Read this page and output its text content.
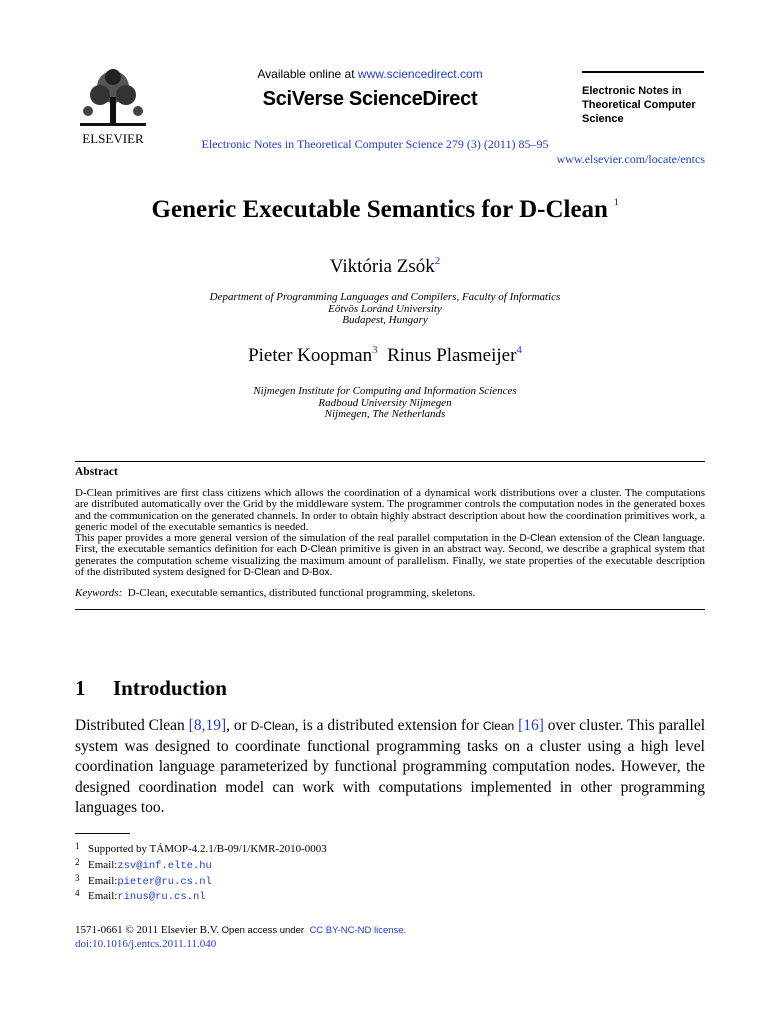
ELSEVIER
Available online at www.sciencedirect.com
SciVerse ScienceDirect	Electronic Notes in
Theoretical Computer
Science
Electronic Notes in Theoretical Computer Science 279 (3) (2011) 85–95
www.elsevier.com/locate/entcs
Generic Executable Semantics for D-Clean $^1$
Viktória Zsók$^2$
Department of Programming Languages and Compilers, Faculty of Informatics
Eötvös Loránd University
Budapest, Hungary
Pieter Koopman$^3$ Rinus Plasmeijer$^4$
Nijmegen Institute for Computing and Information Sciences
Radboud University Nijmegen
Nijmegen, The Netherlands
Abstract

D-Clean primitives are first class citizens which allows the coordination of a dynamical work distributions over a cluster. The computations are distributed automatically over the Grid by the middleware system. The programmer controls the computation nodes in the generated boxes and the communication on the generated channels. In order to obtain highly abstract description about how the coordination primitives work, a generic model of the executable semantics is needed.

This paper provides a more general version of the simulation of the real parallel computation in the D-Clean extension of the Clean language. First, the executable semantics definition for each D-Clean primitive is given in an abstract way. Second, we describe a graphical system that generates the computation scheme visualizing the maximum amount of parallelism. Finally, we state properties of the executable description of the distributed system designed for D-Clean and D-Box.

Keywords: D-Clean, executable semantics, distributed functional programming, skeletons.
1 Introduction
Distributed Clean [8,19], or D-Clean, is a distributed extension for Clean [16] over cluster. This parallel system was designed to coordinate functional programming tasks on a cluster using a high level coordination language parameterized by functional programming computation nodes. However, the designed coordination model can work with computations implemented in other programming languages too.
1 Supported by TÁMOP-4.2.1/B-09/1/KMR-2010-0003
2 Email:zsv@inf.elte.hu
3 Email:pieter@ru.cs.nl
4 Email:rinus@ru.cs.nl
1571-0661 © 2011 Elsevier B.V. Open access under  CC BY-NC-ND license.
doi:10.1016/j.entcs.2011.11.040
